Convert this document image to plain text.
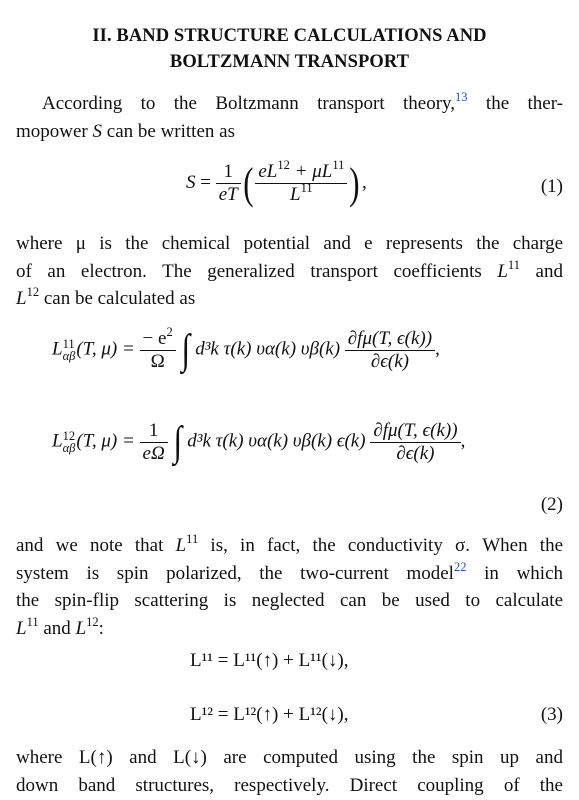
II. BAND STRUCTURE CALCULATIONS AND
BOLTZMANN TRANSPORT
According to the Boltzmann transport theory,$^{13}$ the ther-
mopower S can be written as
$S = \frac{1}{eT}$ ( $\frac{eL^{12} + \mu L^{11}}{L^{11}}$ ) ,	(1)
where μ is the chemical potential and e represents the charge
of an electron. The generalized transport coefficients $L^{11}$ and
$L^{12}$ can be calculated as
L 11
αβ (T, $\mu) = \frac{- e^2}{\Omega}$ ∫ d³k τ(k) υα(k) $\upsilon\beta(k) \frac{\partial f\mu(T, \epsilon(k))}{\partial\epsilon(k)}$ ,
L 12
αβ (T, $\mu) = \frac{1}{e\Omega}$ ∫ d³k τ(k) υα(k) υβ(k) $\epsilon(k) \frac{\partial f\mu(T, \epsilon(k))}{\partial\epsilon(k)}$ ,
(2)
and we note that $L^{11}$ is, in fact, the conductivity σ. When the
system is spin polarized, the two-current model$^{22}$ in which
the spin-flip scattering is neglected can be used to calculate
$L^{11}$ and $L^{12}$:
L¹¹ = L¹¹(↑) + L¹¹(↓),
L¹² = L¹²(↑) + L¹²(↓),	(3)
where L(↑) and L(↓) are computed using the spin up and
down band structures, respectively. Direct coupling of the
